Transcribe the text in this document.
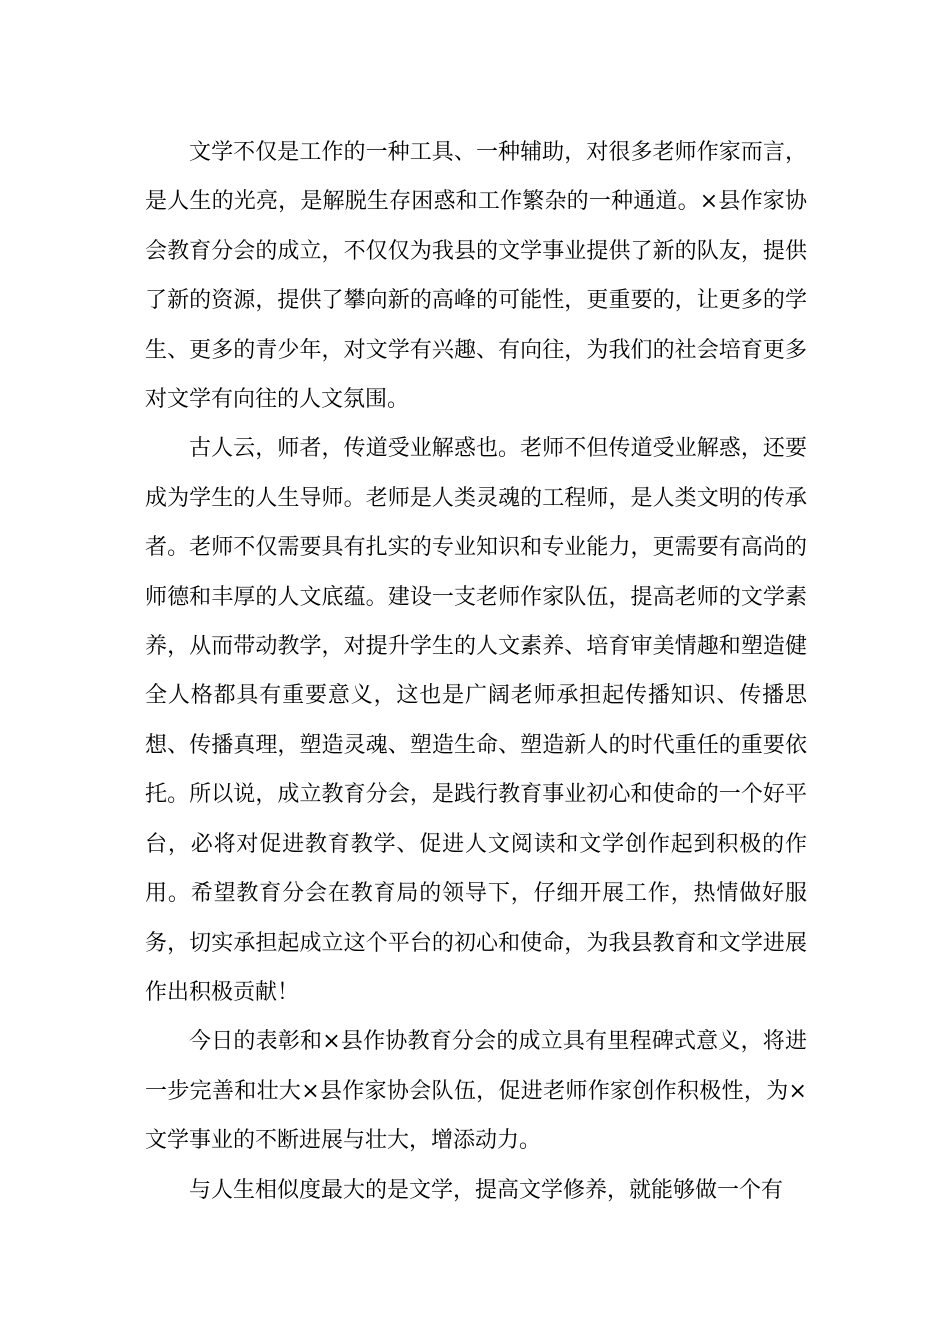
文学不仅是工作的一种工具、一种辅助，对很多老师作家而言，是人生的光亮，是解脱生存困惑和工作繁杂的一种通道。×县作家协会教育分会的成立，不仅仅为我县的文学事业提供了新的队友，提供了新的资源，提供了攀向新的高峰的可能性，更重要的，让更多的学生、更多的青少年，对文学有兴趣、有向往，为我们的社会培育更多对文学有向往的人文氛围。

古人云，师者，传道受业解惑也。老师不但传道受业解惑，还要成为学生的人生导师。老师是人类灵魂的工程师，是人类文明的传承者。老师不仅需要具有扎实的专业知识和专业能力，更需要有高尚的师德和丰厚的人文底蕴。建设一支老师作家队伍，提高老师的文学素养，从而带动教学，对提升学生的人文素养、培育审美情趣和塑造健全人格都具有重要意义，这也是广阔老师承担起传播知识、传播思想、传播真理，塑造灵魂、塑造生命、塑造新人的时代重任的重要依托。所以说，成立教育分会，是践行教育事业初心和使命的一个好平台，必将对促进教育教学、促进人文阅读和文学创作起到积极的作用。希望教育分会在教育局的领导下，仔细开展工作，热情做好服务，切实承担起成立这个平台的初心和使命，为我县教育和文学进展作出积极贡献！

今日的表彰和×县作协教育分会的成立具有里程碑式意义，将进一步完善和壮大×县作家协会队伍，促进老师作家创作积极性，为×文学事业的不断进展与壮大，增添动力。

与人生相似度最大的是文学，提高文学修养，就能够做一个有
